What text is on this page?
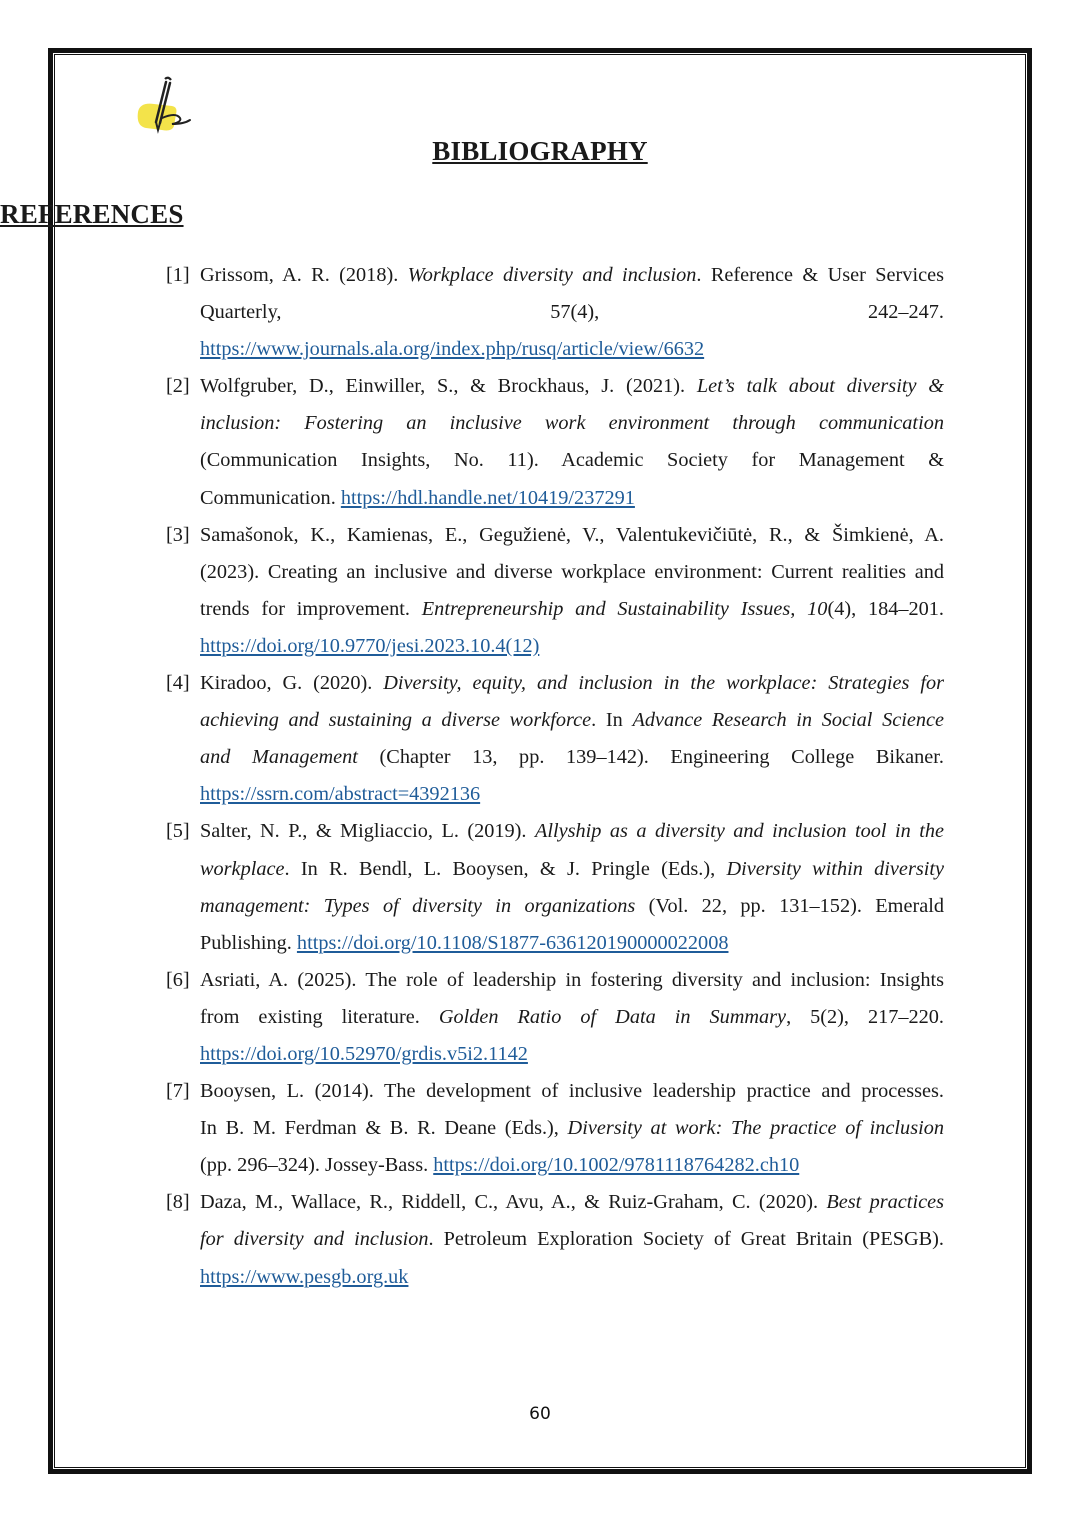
BIBLIOGRAPHY
REFERENCES
[1] Grissom, A. R. (2018). Workplace diversity and inclusion. Reference & User Services
Quarterly,	57(4),	242–247.
https://www.journals.ala.org/index.php/rusq/article/view/6632
[2] Wolfgruber, D., Einwiller, S., & Brockhaus, J. (2021). Let’s talk about diversity &
inclusion: Fostering an inclusive work environment through communication
(Communication Insights, No. 11). Academic Society for Management &
Communication. https://hdl.handle.net/10419/237291
[3] Samašonok, K., Kamienas, E., Gegužienė, V., Valentukevičiūtė, R., & Šimkienė, A.
(2023). Creating an inclusive and diverse workplace environment: Current realities and
trends for improvement. Entrepreneurship and Sustainability Issues, 10(4), 184–201.
https://doi.org/10.9770/jesi.2023.10.4(12)
[4] Kiradoo, G. (2020). Diversity, equity, and inclusion in the workplace: Strategies for
achieving and sustaining a diverse workforce. In Advance Research in Social Science
and Management (Chapter 13, pp. 139–142). Engineering College Bikaner.
https://ssrn.com/abstract=4392136
[5] Salter, N. P., & Migliaccio, L. (2019). Allyship as a diversity and inclusion tool in the
workplace. In R. Bendl, L. Booysen, & J. Pringle (Eds.), Diversity within diversity
management: Types of diversity in organizations (Vol. 22, pp. 131–152). Emerald
Publishing. https://doi.org/10.1108/S1877-636120190000022008
[6] Asriati, A. (2025). The role of leadership in fostering diversity and inclusion: Insights
from existing literature. Golden Ratio of Data in Summary, 5(2), 217–220.
https://doi.org/10.52970/grdis.v5i2.1142
[7] Booysen, L. (2014). The development of inclusive leadership practice and processes.
In B. M. Ferdman & B. R. Deane (Eds.), Diversity at work: The practice of inclusion
(pp. 296–324). Jossey-Bass. https://doi.org/10.1002/9781118764282.ch10
[8] Daza, M., Wallace, R., Riddell, C., Avu, A., & Ruiz-Graham, C. (2020). Best practices
for diversity and inclusion. Petroleum Exploration Society of Great Britain (PESGB).
https://www.pesgb.org.uk
60
